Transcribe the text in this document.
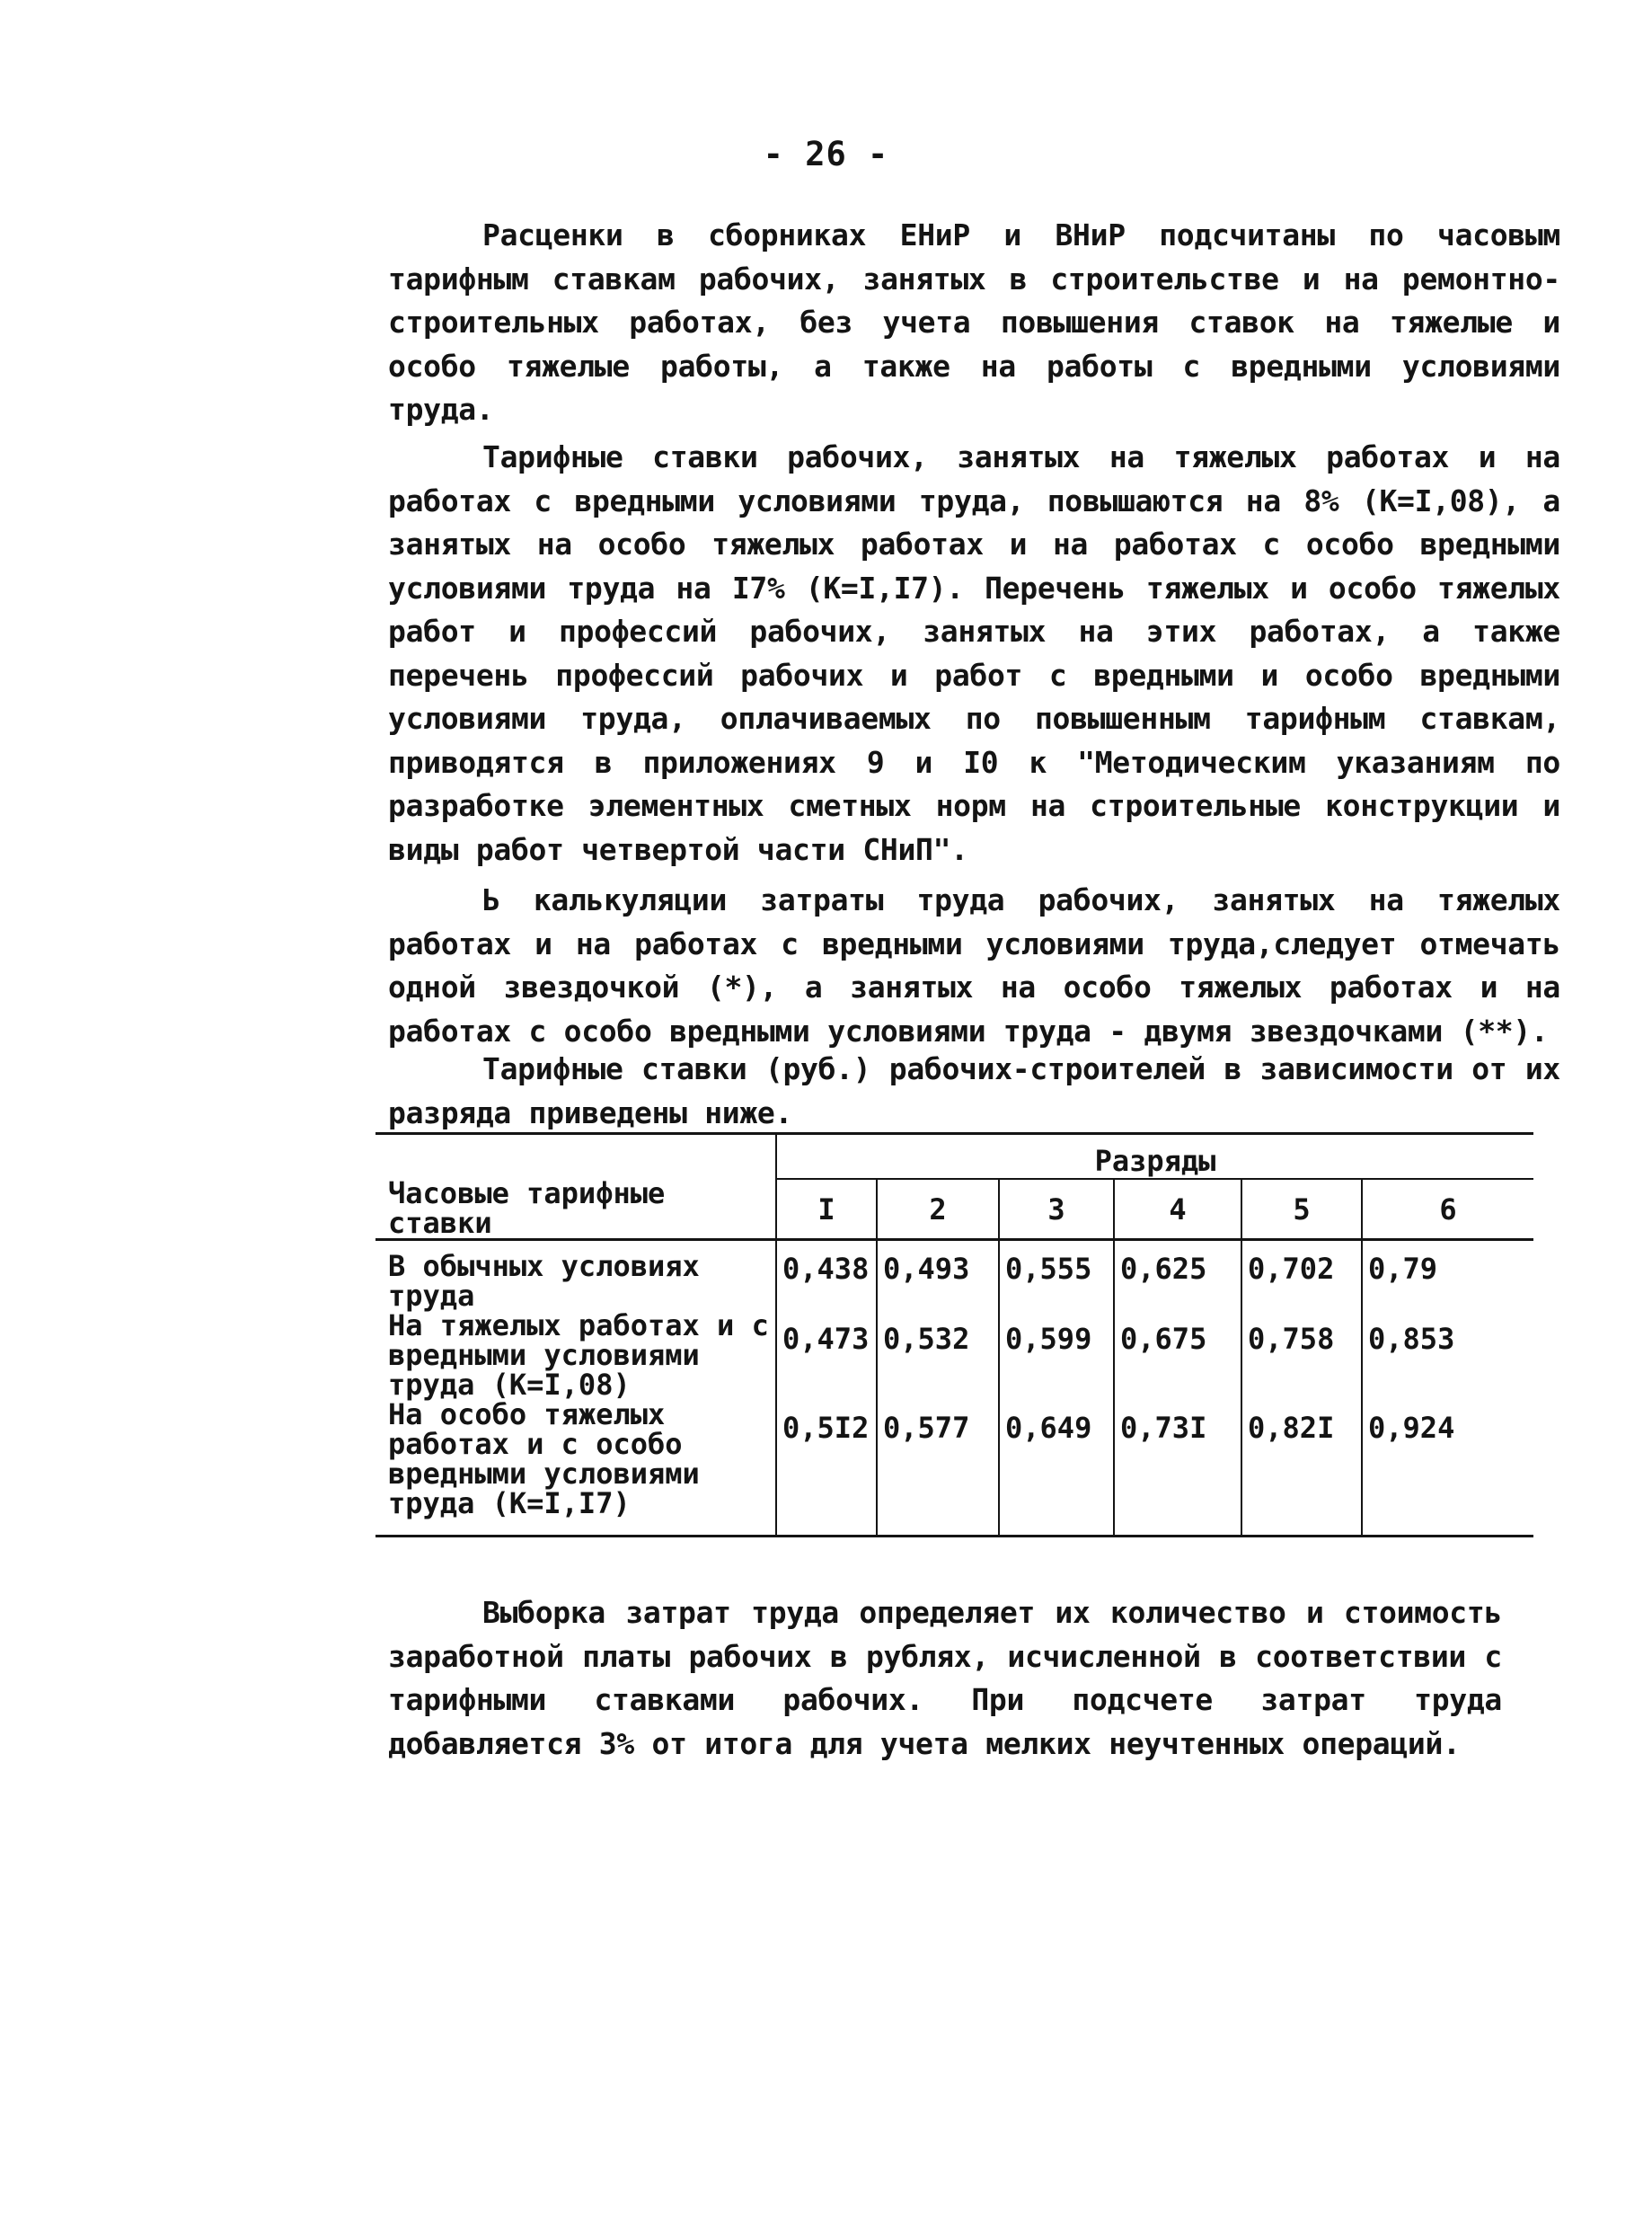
- 26 -

Расценки в сборниках ЕНиР и ВНиР подсчитаны по часовым тарифным ставкам рабочих, занятых в строительстве и на ремонтно-строительных работах, без учета повышения ставок на тяжелые и особо тяжелые работы, а также на работы с вредными условиями труда.

Тарифные ставки рабочих, занятых на тяжелых работах и на работах с вредными условиями труда, повышаются на 8% (К=I,08), а занятых на особо тяжелых работах и на работах с особо вредными условиями труда на I7% (К=I,I7). Перечень тяжелых и особо тяжелых работ и профессий рабочих, занятых на этих работах, а также перечень профессий рабочих и работ с вредными и особо вредными условиями труда, оплачиваемых по повышенным тарифным ставкам, приводятся в приложениях 9 и I0 к "Методическим указаниям по разработке элементных сметных норм на строительные конструкции и виды работ четвертой части СНиП".

Ь калькуляции затраты труда рабочих, занятых на тяжелых работах и на работах с вредными условиями труда,следует отмечать одной звездочкой (*), а занятых на особо тяжелых работах и на работах с особо вредными условиями труда - двумя звездочками (**).

Тарифные ставки (руб.) рабочих-строителей в зависимости от их разряда приведены ниже.

	Разряды					
Часовые тарифные ставки	I	2	3	4	5	6
В обычных условиях труда	0,438	0,493	0,555	0,625	0,702	0,79
На тяжелых работах и с вредными условиями труда (К=I,08)	0,473	0,532	0,599	0,675	0,758	0,853
На особо тяжелых работах и с особо вредными условиями труда (К=I,I7)	0,5I2	0,577	0,649	0,73I	0,82I	0,924

Выборка затрат труда определяет их количество и стоимость заработной платы рабочих в рублях, исчисленной в соответствии с тарифными ставками рабочих. При подсчете затрат труда добавляется 3% от итога для учета мелких неучтенных операций.
